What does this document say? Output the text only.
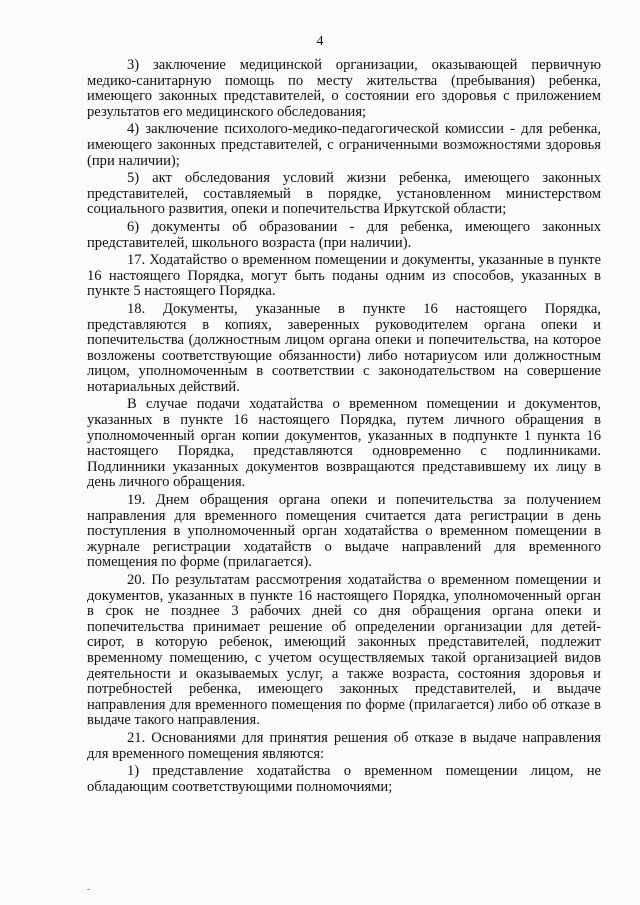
4

3) заключение медицинской организации, оказывающей первичную медико-санитарную помощь по месту жительства (пребывания) ребенка, имеющего законных представителей, о состоянии его здоровья с приложением результатов его медицинского обследования;

4) заключение психолого-медико-педагогической комиссии - для ребенка, имеющего законных представителей, с ограниченными возможностями здоровья (при наличии);

5) акт обследования условий жизни ребенка, имеющего законных представителей, составляемый в порядке, установленном министерством социального развития, опеки и попечительства Иркутской области;

6) документы об образовании - для ребенка, имеющего законных представителей, школьного возраста (при наличии).

17. Ходатайство о временном помещении и документы, указанные в пункте 16 настоящего Порядка, могут быть поданы одним из способов, указанных в пункте 5 настоящего Порядка.

18. Документы, указанные в пункте 16 настоящего Порядка, представляются в копиях, заверенных руководителем органа опеки и попечительства (должностным лицом органа опеки и попечительства, на которое возложены соответствующие обязанности) либо нотариусом или должностным лицом, уполномоченным в соответствии с законодательством на совершение нотариальных действий.

В случае подачи ходатайства о временном помещении и документов, указанных в пункте 16 настоящего Порядка, путем личного обращения в уполномоченный орган копии документов, указанных в подпункте 1 пункта 16 настоящего Порядка, представляются одновременно с подлинниками. Подлинники указанных документов возвращаются представившему их лицу в день личного обращения.

19. Днем обращения органа опеки и попечительства за получением направления для временного помещения считается дата регистрации в день поступления в уполномоченный орган ходатайства о временном помещении в журнале регистрации ходатайств о выдаче направлений для временного помещения по форме (прилагается).

20. По результатам рассмотрения ходатайства о временном помещении и документов, указанных в пункте 16 настоящего Порядка, уполномоченный орган в срок не позднее 3 рабочих дней со дня обращения органа опеки и попечительства принимает решение об определении организации для детей-сирот, в которую ребенок, имеющий законных представителей, подлежит временному помещению, с учетом осуществляемых такой организацией видов деятельности и оказываемых услуг, а также возраста, состояния здоровья и потребностей ребенка, имеющего законных представителей, и выдаче направления для временного помещения по форме (прилагается) либо об отказе в выдаче такого направления.

21. Основаниями для принятия решения об отказе в выдаче направления для временного помещения являются:

1) представление ходатайства о временном помещении лицом, не обладающим соответствующими полномочиями;
